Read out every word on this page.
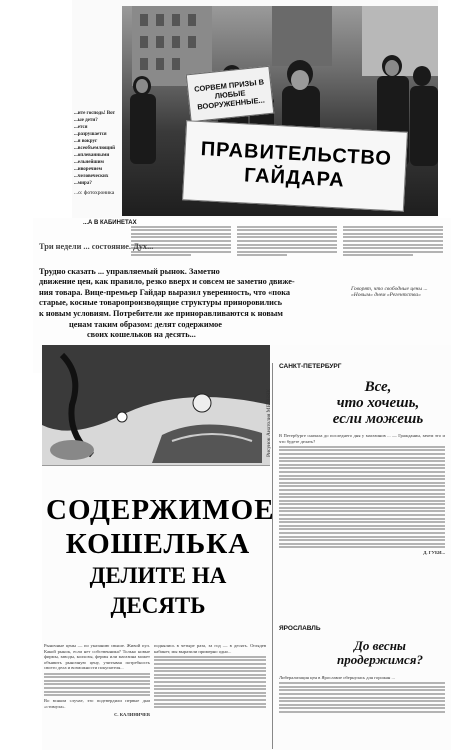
...ите господь! Вот
...ые дети?
...ется
...разрушается
...я вокруг
...всеобъемлющий
...оплеванными
...ельнейшим
...иворечием
...человеческих
...мира?
...о: фотохроника
СОРВЕМ ПРИЗЫ В ЛЮБЫЕ ВООРУЖЕННЫЕ...
ПРАВИТЕЛЬСТВО ГАЙДАРА
...А В КАБИНЕТАХ
Три недели ... состояние. Дух...
Трудно сказать ... управляемый рынок. Заметно
движение цен, как правило, резко вверх и совсем не заметно движе-
ния товара. Вице-премьер Гайдар выразил уверенность, что «пока
старые, косные товаропроизводящие структуры приноровились
к новым условиям. Потребители же приноравливаются к новым
ценам таким образом: делят содержимое
своих кошельков на десять...
Говорят, что свободные цены ... «Новым» днем «Регентства»
Рисунок Анатолия МЕННЯК
СОДЕРЖИМОЕ
КОШЕЛЬКА
ДЕЛИТЕ НА ДЕСЯТЬ
Рыночные цены — по указанию свыше. Живой пул. Какой рынок, если нет собственника? Только новые фирмы, заводы, колхозы, фермы или магазина может объявить рыночную цену, учитывая потребность своего дела и возможности покупателя...
Во всяком случае, это подтвердили первые дни «стимула».
С. КАЛИНИЧЕВ
поднялись в четыре раза, за год — в десять. Оглядев кабинет, мы выразили примерно одно...
САНКТ-ПЕТЕРБУРГ
Все,
что хочешь,
если можешь
В Петербурге сначала до последнего дня у магазинов ... — Гражданин, зачем это и что будете делать?
Д. ГУБИ...
ЯРОСЛАВЛЬ
До весны
продержимся?
Либерализация цен в Ярославле обернулась для горожан ...
